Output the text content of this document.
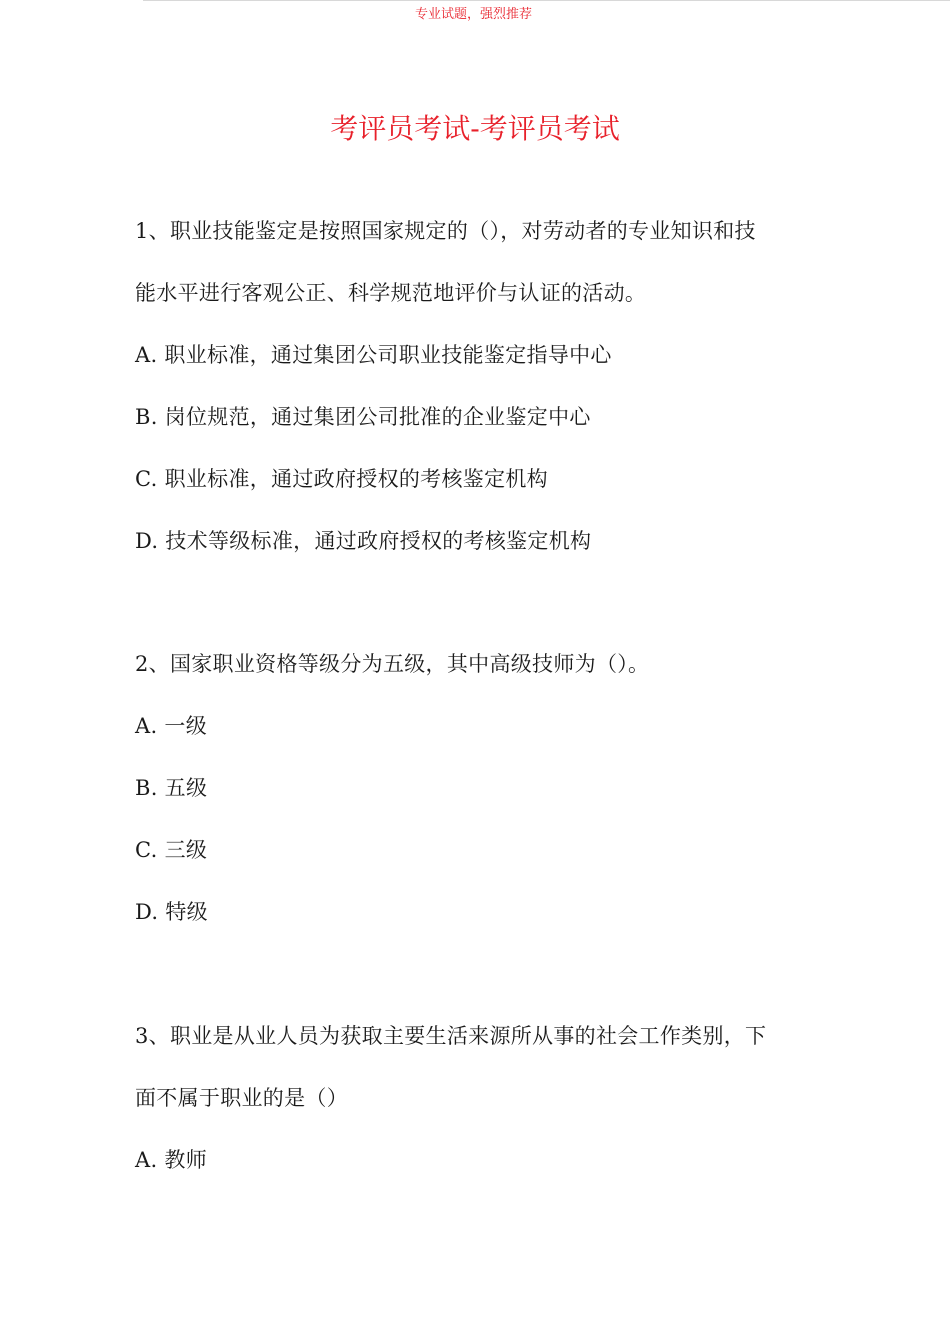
专业试题，强烈推荐
考评员考试-考评员考试
1、职业技能鉴定是按照国家规定的（），对劳动者的专业知识和技
能水平进行客观公正、科学规范地评价与认证的活动。
A. 职业标准，通过集团公司职业技能鉴定指导中心
B. 岗位规范，通过集团公司批准的企业鉴定中心
C. 职业标准，通过政府授权的考核鉴定机构
D. 技术等级标准，通过政府授权的考核鉴定机构
2、国家职业资格等级分为五级，其中高级技师为（）。
A. 一级
B. 五级
C. 三级
D. 特级
3、职业是从业人员为获取主要生活来源所从事的社会工作类别，下
面不属于职业的是（）
A. 教师
